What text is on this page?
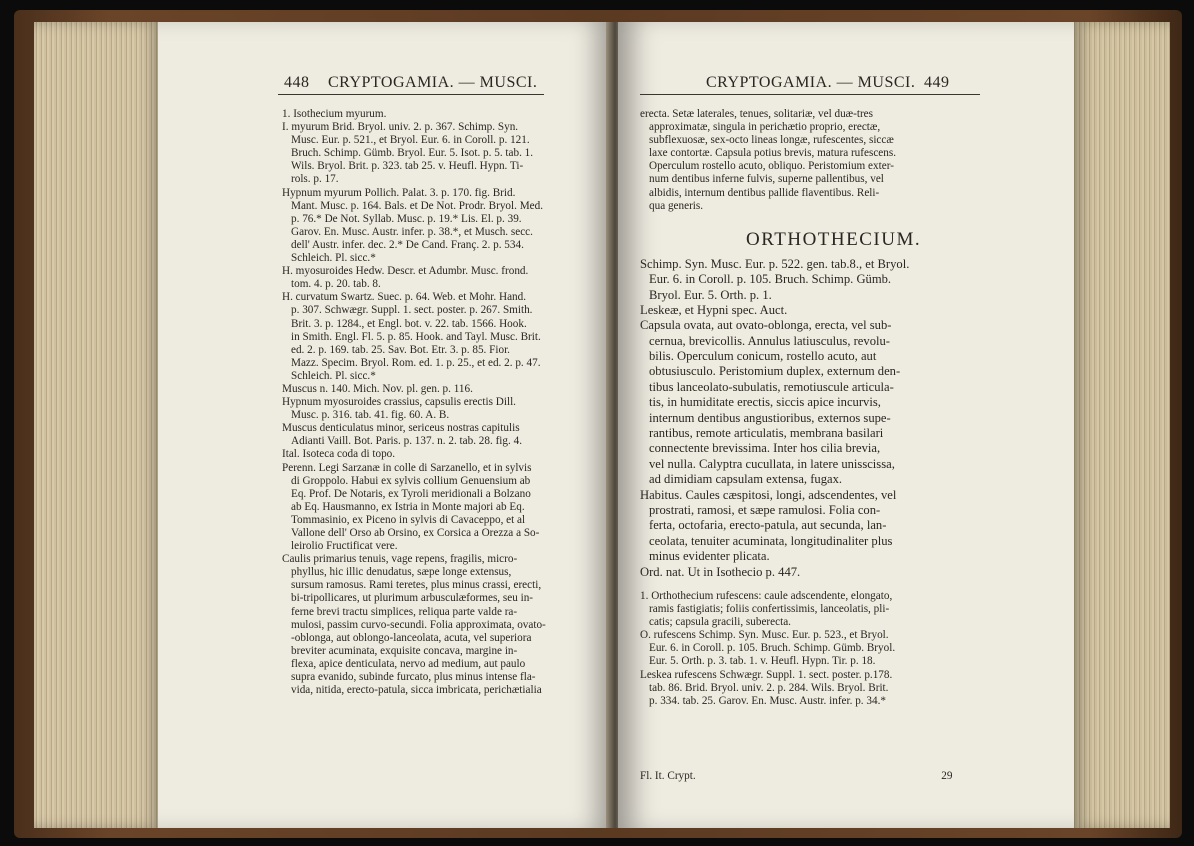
448 CRYPTOGAMIA. — MUSCI.
1. Isothecium myurum.
I. myurum Brid. Bryol. univ. 2. p. 367. Schimp. Syn.
Musc. Eur. p. 521., et Bryol. Eur. 6. in Coroll. p. 121.
Bruch. Schimp. Gümb. Bryol. Eur. 5. Isot. p. 5. tab. 1.
Wils. Bryol. Brit. p. 323. tab 25. v. Heufl. Hypn. Ti-
rols. p. 17.
Hypnum myurum Pollich. Palat. 3. p. 170. fig. Brid.
Mant. Musc. p. 164. Bals. et De Not. Prodr. Bryol. Med.
p. 76.* De Not. Syllab. Musc. p. 19.* Lis. El. p. 39.
Garov. En. Musc. Austr. infer. p. 38.*, et Musch. secc.
dell' Austr. infer. dec. 2.* De Cand. Franç. 2. p. 534.
Schleich. Pl. sicc.*
H. myosuroides Hedw. Descr. et Adumbr. Musc. frond.
tom. 4. p. 20. tab. 8.
H. curvatum Swartz. Suec. p. 64. Web. et Mohr. Hand.
p. 307. Schwægr. Suppl. 1. sect. poster. p. 267. Smith.
Brit. 3. p. 1284., et Engl. bot. v. 22. tab. 1566. Hook.
in Smith. Engl. Fl. 5. p. 85. Hook. and Tayl. Musc. Brit.
ed. 2. p. 169. tab. 25. Sav. Bot. Etr. 3. p. 85. Fior.
Mazz. Specim. Bryol. Rom. ed. 1. p. 25., et ed. 2. p. 47.
Schleich. Pl. sicc.*
Muscus n. 140. Mich. Nov. pl. gen. p. 116.
Hypnum myosuroides crassius, capsulis erectis Dill.
Musc. p. 316. tab. 41. fig. 60. A. B.
Muscus denticulatus minor, sericeus nostras capitulis
Adianti Vaill. Bot. Paris. p. 137. n. 2. tab. 28. fig. 4.
Ital. Isoteca coda di topo.
Perenn. Legi Sarzanæ in colle di Sarzanello, et in sylvis
di Groppolo. Habui ex sylvis collium Genuensium ab
Eq. Prof. De Notaris, ex Tyroli meridionali a Bolzano
ab Eq. Hausmanno, ex Istria in Monte majori ab Eq.
Tommasinio, ex Piceno in sylvis di Cavaceppo, et al
Vallone dell' Orso ab Orsino, ex Corsica a Orezza a So-
leirolio Fructificat vere.
Caulis primarius tenuis, vage repens, fragilis, micro-
phyllus, hic illic denudatus, sæpe longe extensus,
sursum ramosus. Rami teretes, plus minus crassi, erecti,
bi-tripollicares, ut plurimum arbusculæformes, seu in-
ferne brevi tractu simplices, reliqua parte valde ra-
mulosi, passim curvo-secundi. Folia approximata, ovato-
-oblonga, aut oblongo-lanceolata, acuta, vel superiora
breviter acuminata, exquisite concava, margine in-
flexa, apice denticulata, nervo ad medium, aut paulo
supra evanido, subinde furcato, plus minus intense fla-
vida, nitida, erecto-patula, sicca imbricata, perichætialia
CRYPTOGAMIA. — MUSCI. 449
erecta. Setæ laterales, tenues, solitariæ, vel duæ-tres
approximatæ, singula in perichætio proprio, erectæ,
subflexuosæ, sex-octo lineas longæ, rufescentes, siccæ
laxe contortæ. Capsula potius brevis, matura rufescens.
Operculum rostello acuto, obliquo. Peristomium exter-
num dentibus inferne fulvis, superne pallentibus, vel
albidis, internum dentibus pallide flaventibus. Reli-
qua generis.
ORTHOTHECIUM.
Schimp. Syn. Musc. Eur. p. 522. gen. tab.8., et Bryol.
Eur. 6. in Coroll. p. 105. Bruch. Schimp. Gümb.
Bryol. Eur. 5. Orth. p. 1.
Leskeæ, et Hypni spec. Auct.
Capsula ovata, aut ovato-oblonga, erecta, vel sub-
cernua, brevicollis. Annulus latiusculus, revolu-
bilis. Operculum conicum, rostello acuto, aut
obtusiusculo. Peristomium duplex, externum den-
tibus lanceolato-subulatis, remotiuscule articula-
tis, in humiditate erectis, siccis apice incurvis,
internum dentibus angustioribus, externos supe-
rantibus, remote articulatis, membrana basilari
connectente brevissima. Inter hos cilia brevia,
vel nulla. Calyptra cucullata, in latere unisscissa,
ad dimidiam capsulam extensa, fugax.
Habitus. Caules cæspitosi, longi, adscendentes, vel
prostrati, ramosi, et sæpe ramulosi. Folia con-
ferta, octofaria, erecto-patula, aut secunda, lan-
ceolata, tenuiter acuminata, longitudinaliter plus
minus evidenter plicata.
Ord. nat. Ut in Isothecio p. 447.
1. Orthothecium rufescens: caule adscendente, elongato,
ramis fastigiatis; foliis confertissimis, lanceolatis, pli-
catis; capsula gracili, suberecta.
O. rufescens Schimp. Syn. Musc. Eur. p. 523., et Bryol.
Eur. 6. in Coroll. p. 105. Bruch. Schimp. Gümb. Bryol.
Eur. 5. Orth. p. 3. tab. 1. v. Heufl. Hypn. Tir. p. 18.
Leskea rufescens Schwægr. Suppl. 1. sect. poster. p.178.
tab. 86. Brid. Bryol. univ. 2. p. 284. Wils. Bryol. Brit.
p. 334. tab. 25. Garov. En. Musc. Austr. infer. p. 34.*
Fl. It. Crypt.	29
